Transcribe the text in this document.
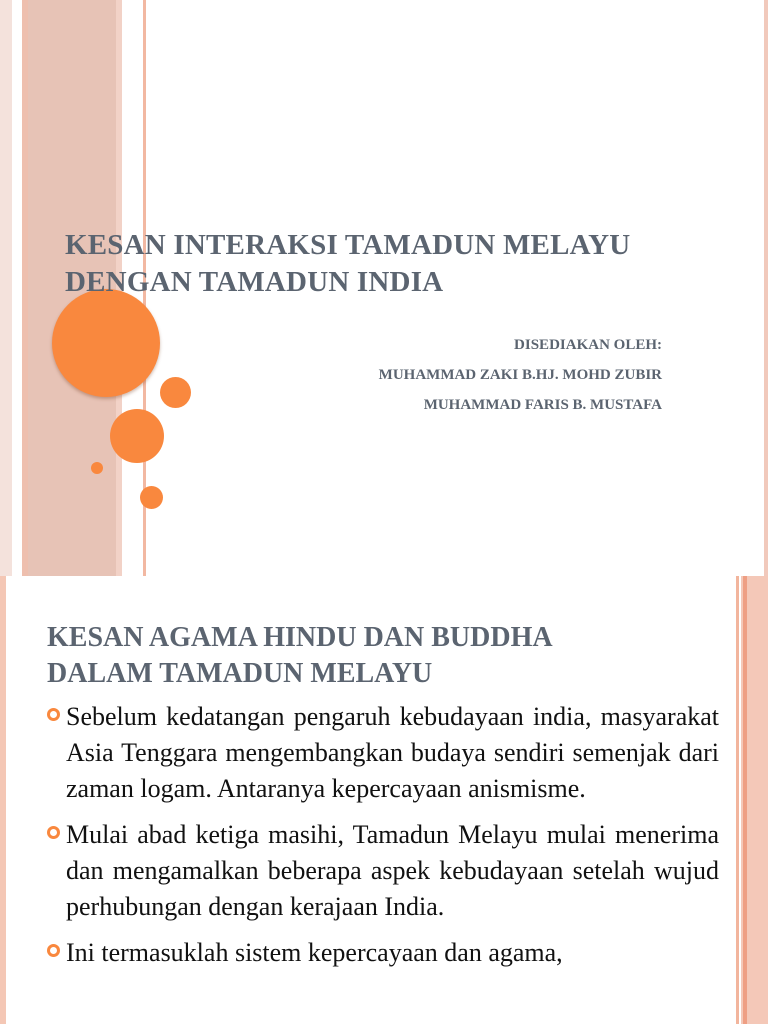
KESAN INTERAKSI TAMADUN MELAYU
DENGAN TAMADUN INDIA
DISEDIAKAN OLEH:
MUHAMMAD ZAKI B.HJ. MOHD ZUBIR
MUHAMMAD FARIS B. MUSTAFA
KESAN AGAMA HINDU DAN BUDDHA
DALAM TAMADUN MELAYU
Sebelum kedatangan pengaruh kebudayaan india, masyarakat Asia Tenggara mengembangkan budaya sendiri semenjak dari zaman logam. Antaranya kepercayaan anismisme.
Mulai abad ketiga masihi, Tamadun Melayu mulai menerima dan mengamalkan beberapa aspek kebudayaan setelah wujud perhubungan dengan kerajaan India.
Ini termasuklah sistem kepercayaan dan agama,
